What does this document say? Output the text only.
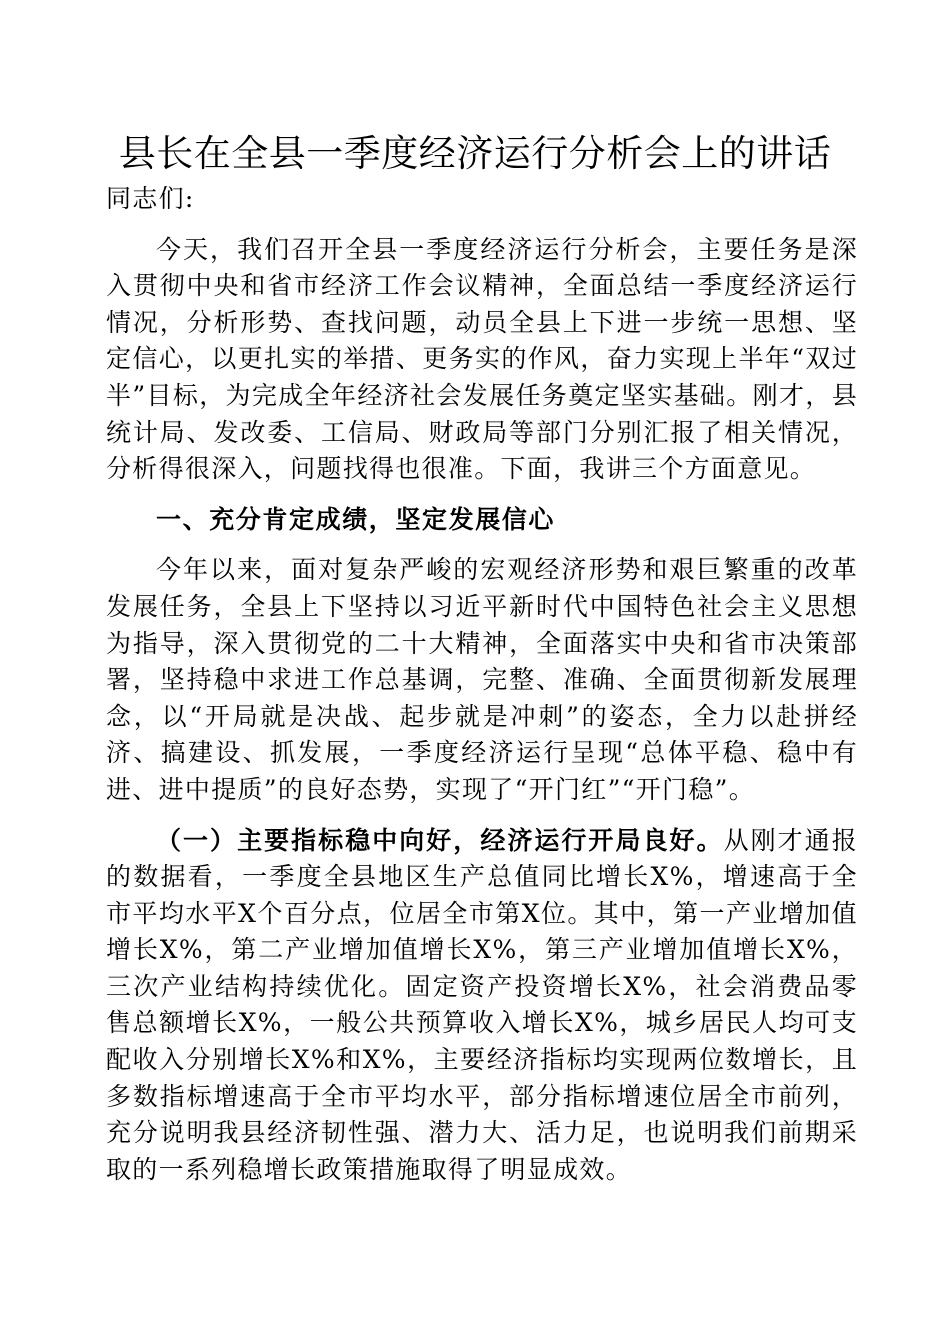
县长在全县一季度经济运行分析会上的讲话

同志们:

今天，我们召开全县一季度经济运行分析会，主要任务是深入贯彻中央和省市经济工作会议精神，全面总结一季度经济运行情况，分析形势、查找问题，动员全县上下进一步统一思想、坚定信心，以更扎实的举措、更务实的作风，奋力实现上半年“双过半”目标，为完成全年经济社会发展任务奠定坚实基础。刚才，县统计局、发改委、工信局、财政局等部门分别汇报了相关情况，分析得很深入，问题找得也很准。下面，我讲三个方面意见。

一、充分肯定成绩，坚定发展信心

今年以来，面对复杂严峻的宏观经济形势和艰巨繁重的改革发展任务，全县上下坚持以习近平新时代中国特色社会主义思想为指导，深入贯彻党的二十大精神，全面落实中央和省市决策部署，坚持稳中求进工作总基调，完整、准确、全面贯彻新发展理念，以“开局就是决战、起步就是冲刺”的姿态，全力以赴拼经济、搞建设、抓发展，一季度经济运行呈现“总体平稳、稳中有进、进中提质”的良好态势，实现了“开门红”“开门稳”。

（一）主要指标稳中向好，经济运行开局良好。从刚才通报的数据看，一季度全县地区生产总值同比增长X%，增速高于全市平均水平X个百分点，位居全市第X位。其中，第一产业增加值增长X%，第二产业增加值增长X%，第三产业增加值增长X%，三次产业结构持续优化。固定资产投资增长X%，社会消费品零售总额增长X%，一般公共预算收入增长X%，城乡居民人均可支配收入分别增长X%和X%，主要经济指标均实现两位数增长，且多数指标增速高于全市平均水平，部分指标增速位居全市前列，充分说明我县经济韧性强、潜力大、活力足，也说明我们前期采取的一系列稳增长政策措施取得了明显成效。
